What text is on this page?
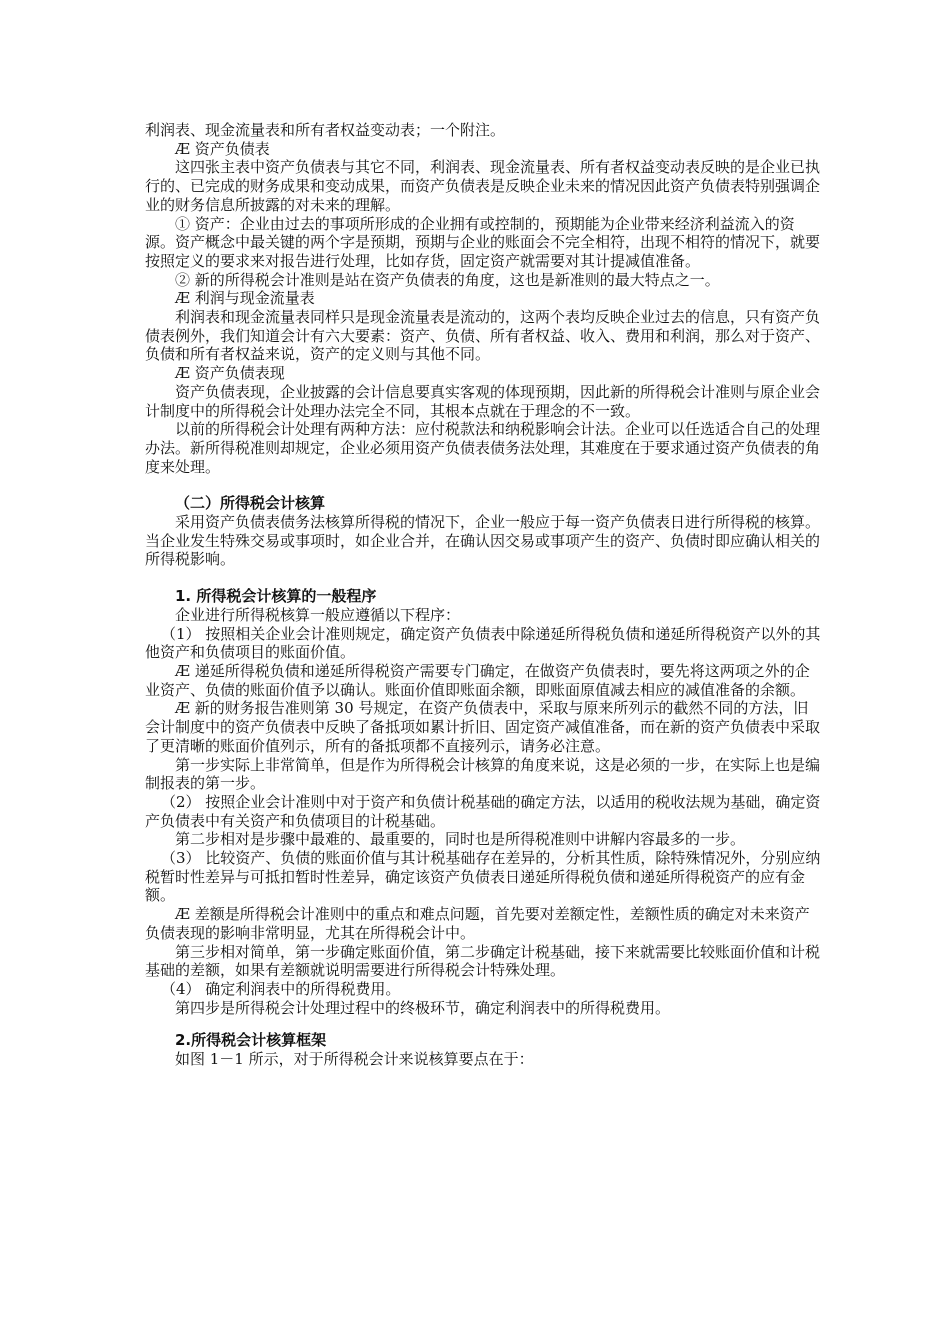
利润表、现金流量表和所有者权益变动表；一个附注。

Æ 资产负债表

这四张主表中资产负债表与其它不同，利润表、现金流量表、所有者权益变动表反映的是企业已执行的、已完成的财务成果和变动成果，而资产负债表是反映企业未来的情况因此资产负债表特别强调企业的财务信息所披露的对未来的理解。

① 资产：企业由过去的事项所形成的企业拥有或控制的，预期能为企业带来经济利益流入的资源。资产概念中最关键的两个字是预期，预期与企业的账面会不完全相符，出现不相符的情况下，就要按照定义的要求来对报告进行处理，比如存货，固定资产就需要对其计提减值准备。

② 新的所得税会计准则是站在资产负债表的角度，这也是新准则的最大特点之一。

Æ 利润与现金流量表

利润表和现金流量表同样只是现金流量表是流动的，这两个表均反映企业过去的信息，只有资产负债表例外，我们知道会计有六大要素：资产、负债、所有者权益、收入、费用和利润，那么对于资产、负债和所有者权益来说，资产的定义则与其他不同。

Æ 资产负债表现

资产负债表现，企业披露的会计信息要真实客观的体现预期，因此新的所得税会计准则与原企业会计制度中的所得税会计处理办法完全不同，其根本点就在于理念的不一致。

以前的所得税会计处理有两种方法：应付税款法和纳税影响会计法。企业可以任选适合自己的处理办法。新所得税准则却规定，企业必须用资产负债表债务法处理，其难度在于要求通过资产负债表的角度来处理。

（二）所得税会计核算

采用资产负债表债务法核算所得税的情况下，企业一般应于每一资产负债表日进行所得税的核算。当企业发生特殊交易或事项时，如企业合并，在确认因交易或事项产生的资产、负债时即应确认相关的所得税影响。

1. 所得税会计核算的一般程序

企业进行所得税核算一般应遵循以下程序：

（1） 按照相关企业会计准则规定，确定资产负债表中除递延所得税负债和递延所得税资产以外的其他资产和负债项目的账面价值。

Æ 递延所得税负债和递延所得税资产需要专门确定，在做资产负债表时，要先将这两项之外的企业资产、负债的账面价值予以确认。账面价值即账面余额，即账面原值减去相应的减值准备的余额。

Æ 新的财务报告准则第 30 号规定，在资产负债表中，采取与原来所列示的截然不同的方法，旧会计制度中的资产负债表中反映了备抵项如累计折旧、固定资产减值准备，而在新的资产负债表中采取了更清晰的账面价值列示，所有的备抵项都不直接列示，请务必注意。

第一步实际上非常简单，但是作为所得税会计核算的角度来说，这是必须的一步，在实际上也是编制报表的第一步。

（2） 按照企业会计准则中对于资产和负债计税基础的确定方法，以适用的税收法规为基础，确定资产负债表中有关资产和负债项目的计税基础。

第二步相对是步骤中最难的、最重要的，同时也是所得税准则中讲解内容最多的一步。

（3） 比较资产、负债的账面价值与其计税基础存在差异的，分析其性质，除特殊情况外，分别应纳税暂时性差异与可抵扣暂时性差异，确定该资产负债表日递延所得税负债和递延所得税资产的应有金额。

Æ 差额是所得税会计准则中的重点和难点问题，首先要对差额定性，差额性质的确定对未来资产负债表现的影响非常明显，尤其在所得税会计中。

第三步相对简单，第一步确定账面价值，第二步确定计税基础，接下来就需要比较账面价值和计税基础的差额，如果有差额就说明需要进行所得税会计特殊处理。

（4） 确定利润表中的所得税费用。

第四步是所得税会计处理过程中的终极环节，确定利润表中的所得税费用。

2.所得税会计核算框架

如图 1－1 所示，对于所得税会计来说核算要点在于：
